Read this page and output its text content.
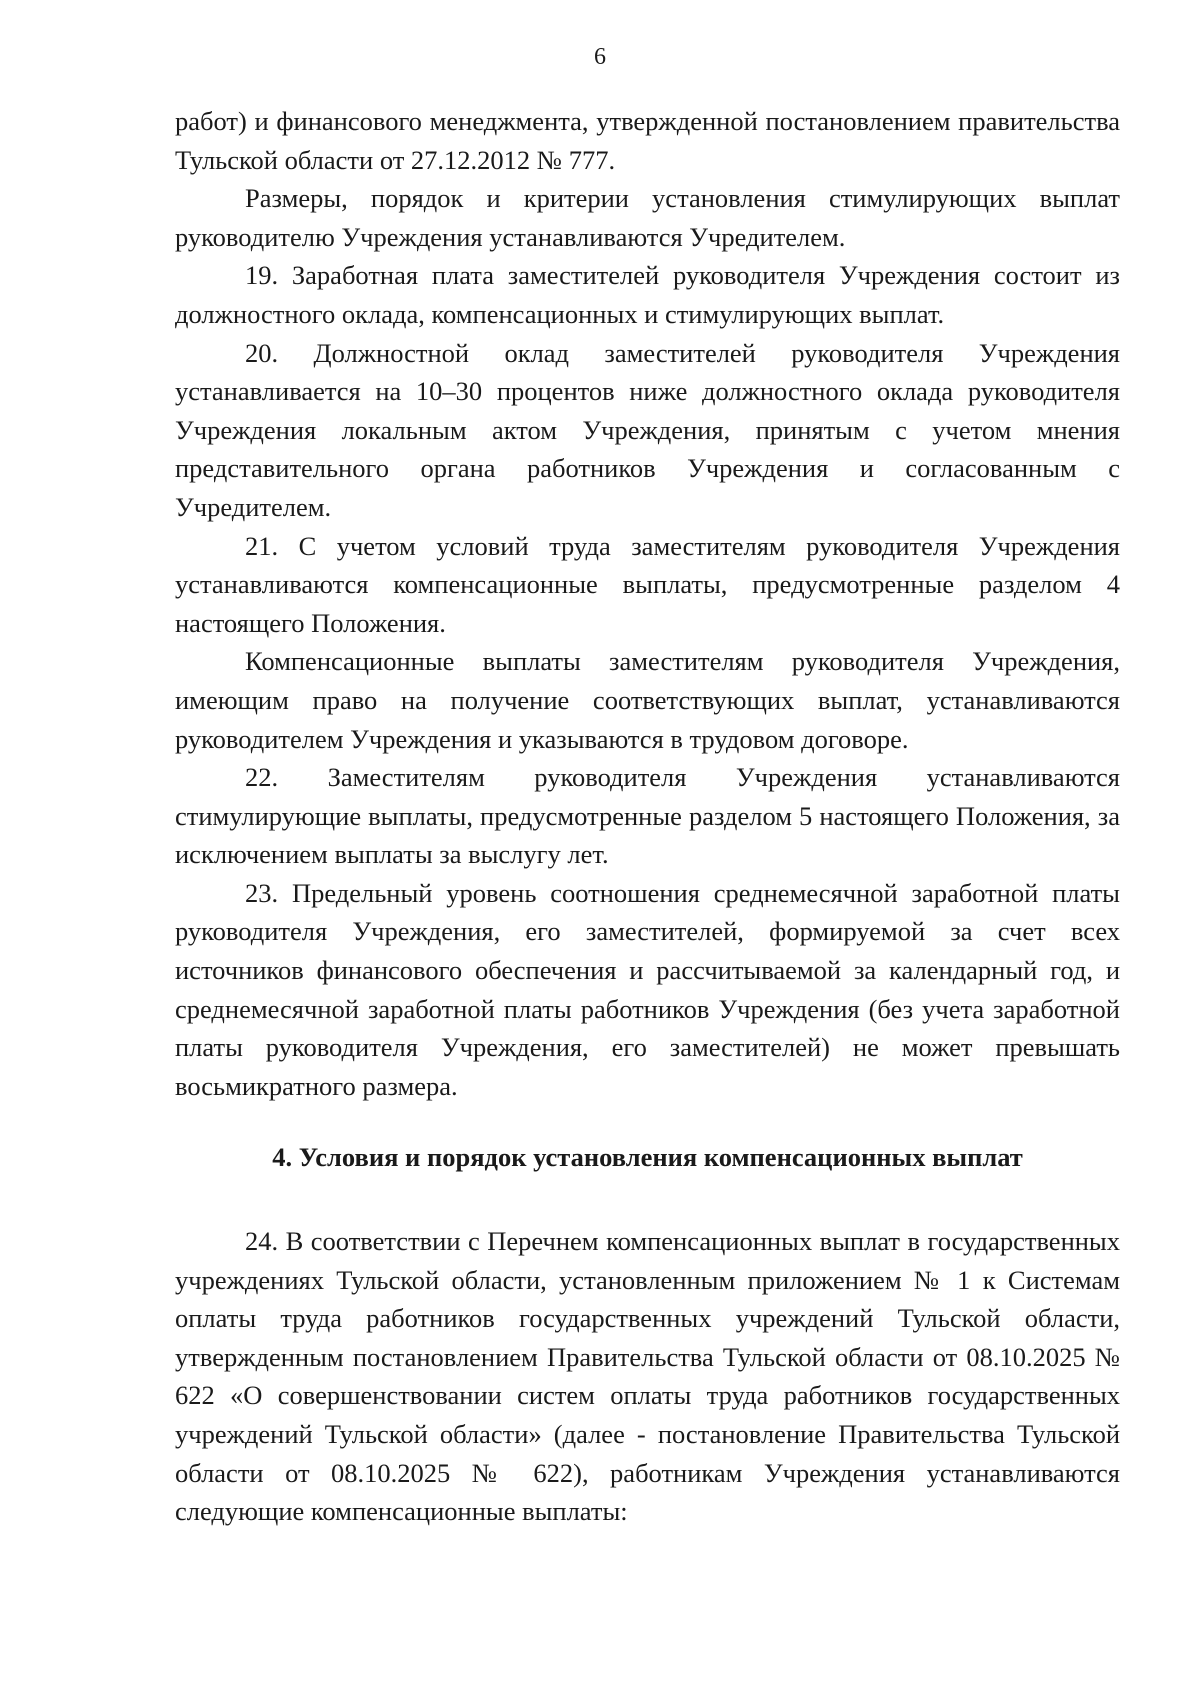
6

работ) и финансового менеджмента, утвержденной постановлением правительства Тульской области от 27.12.2012 № 777.

Размеры, порядок и критерии установления стимулирующих выплат руководителю Учреждения устанавливаются Учредителем.

19. Заработная плата заместителей руководителя Учреждения состоит из должностного оклада, компенсационных и стимулирующих выплат.

20. Должностной оклад заместителей руководителя Учреждения устанавливается на 10–30 процентов ниже должностного оклада руководителя Учреждения локальным актом Учреждения, принятым с учетом мнения представительного органа работников Учреждения и согласованным с Учредителем.

21. С учетом условий труда заместителям руководителя Учреждения устанавливаются компенсационные выплаты, предусмотренные разделом 4 настоящего Положения.

Компенсационные выплаты заместителям руководителя Учреждения, имеющим право на получение соответствующих выплат, устанавливаются руководителем Учреждения и указываются в трудовом договоре.

22. Заместителям руководителя Учреждения устанавливаются стимулирующие выплаты, предусмотренные разделом 5 настоящего Положения, за исключением выплаты за выслугу лет.

23. Предельный уровень соотношения среднемесячной заработной платы руководителя Учреждения, его заместителей, формируемой за счет всех источников финансового обеспечения и рассчитываемой за календарный год, и среднемесячной заработной платы работников Учреждения (без учета заработной платы руководителя Учреждения, его заместителей) не может превышать восьмикратного размера.

4. Условия и порядок установления компенсационных выплат

24. В соответствии с Перечнем компенсационных выплат в государственных учреждениях Тульской области, установленным приложением № 1 к Системам оплаты труда работников государственных учреждений Тульской области, утвержденным постановлением Правительства Тульской области от 08.10.2025 № 622 «О совершенствовании систем оплаты труда работников государственных учреждений Тульской области» (далее - постановление Правительства Тульской области от 08.10.2025 № 622), работникам Учреждения устанавливаются следующие компенсационные выплаты:
